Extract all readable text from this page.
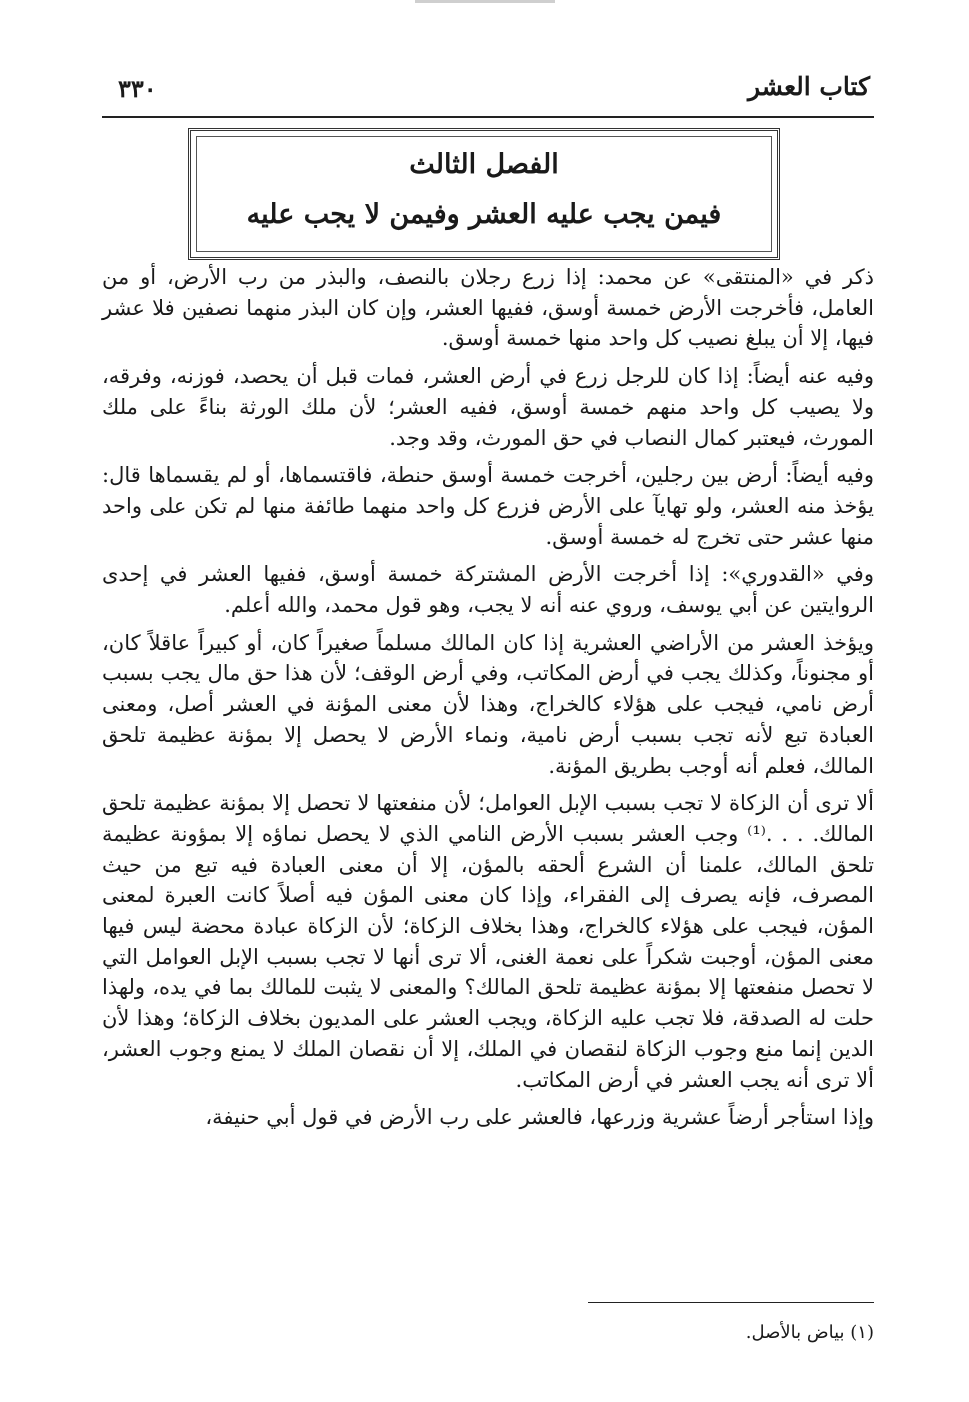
كتاب العشر
٣٣٠
الفصل الثالث
فيمن يجب عليه العشر وفيمن لا يجب عليه

ذكر في «المنتقى» عن محمد: إذا زرع رجلان بالنصف، والبذر من رب الأرض، أو من العامل، فأخرجت الأرض خمسة أوسق، ففيها العشر، وإن كان البذر منهما نصفين فلا عشر فيها، إلا أن يبلغ نصيب كل واحد منها خمسة أوسق.

وفيه عنه أيضاً: إذا كان للرجل زرع في أرض العشر، فمات قبل أن يحصد، فوزنه، وفرقه، ولا يصيب كل واحد منهم خمسة أوسق، ففيه العشر؛ لأن ملك الورثة بناءً على ملك المورث، فيعتبر كمال النصاب في حق المورث، وقد وجد.

وفيه أيضاً: أرض بين رجلين، أخرجت خمسة أوسق حنطة، فاقتسماها، أو لم يقسماها قال: يؤخذ منه العشر، ولو تهايآ على الأرض فزرع كل واحد منهما طائفة منها لم تكن على واحد منها عشر حتى تخرج له خمسة أوسق.

وفي «القدوري»: إذا أخرجت الأرض المشتركة خمسة أوسق، ففيها العشر في إحدى الروايتين عن أبي يوسف، وروي عنه أنه لا يجب، وهو قول محمد، والله أعلم.

ويؤخذ العشر من الأراضي العشرية إذا كان المالك مسلماً صغيراً كان، أو كبيراً عاقلاً كان، أو مجنوناً، وكذلك يجب في أرض المكاتب، وفي أرض الوقف؛ لأن هذا حق مال يجب بسبب أرض نامي، فيجب على هؤلاء كالخراج، وهذا لأن معنى المؤنة في العشر أصل، ومعنى العبادة تبع لأنه تجب بسبب أرض نامية، ونماء الأرض لا يحصل إلا بمؤنة عظيمة تلحق المالك، فعلم أنه أوجب بطريق المؤنة.

ألا ترى أن الزكاة لا تجب بسبب الإبل العوامل؛ لأن منفعتها لا تحصل إلا بمؤنة عظيمة تلحق المالك. . . .⁽¹⁾ وجب العشر بسبب الأرض النامي الذي لا يحصل نماؤه إلا بمؤونة عظيمة تلحق المالك، علمنا أن الشرع ألحقه بالمؤن، إلا أن معنى العبادة فيه تبع من حيث المصرف، فإنه يصرف إلى الفقراء، وإذا كان معنى المؤن فيه أصلاً كانت العبرة لمعنى المؤن، فيجب على هؤلاء كالخراج، وهذا بخلاف الزكاة؛ لأن الزكاة عبادة محضة ليس فيها معنى المؤن، أوجبت شكراً على نعمة الغنى، ألا ترى أنها لا تجب بسبب الإبل العوامل التي لا تحصل منفعتها إلا بمؤنة عظيمة تلحق المالك؟ والمعنى لا يثبت للمالك بما في يده، ولهذا حلت له الصدقة، فلا تجب عليه الزكاة، ويجب العشر على المديون بخلاف الزكاة؛ وهذا لأن الدين إنما منع وجوب الزكاة لنقصان في الملك، إلا أن نقصان الملك لا يمنع وجوب العشر، ألا ترى أنه يجب العشر في أرض المكاتب.

وإذا استأجر أرضاً عشرية وزرعها، فالعشر على رب الأرض في قول أبي حنيفة،

(١) بياض بالأصل.
